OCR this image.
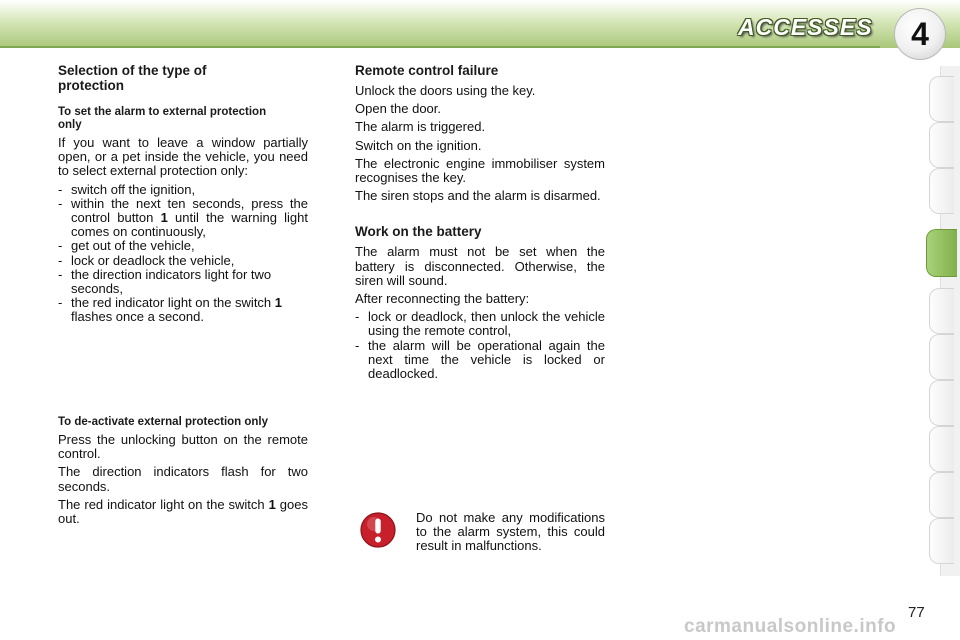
ACCESSES	4
Selection of the type of protection
To set the alarm to external protection only

If you want to leave a window partially open, or a pet inside the vehicle, you need to select external protection only:

- switch off the ignition,
- within the next ten seconds, press the control button 1 until the warning light comes on continuously,
- get out of the vehicle,
- lock or deadlock the vehicle,
- the direction indicators light for two seconds,
- the red indicator light on the switch 1 flashes once a second.
To de-activate external protection only

Press the unlocking button on the remote control.

The direction indicators flash for two seconds.

The red indicator light on the switch 1 goes out.

Remote control failure

Unlock the doors using the key.

Open the door.

The alarm is triggered.

Switch on the ignition.

The electronic engine immobiliser system recognises the key.

The siren stops and the alarm is disarmed.

Work on the battery

The alarm must not be set when the battery is disconnected. Otherwise, the siren will sound.

After reconnecting the battery:

- lock or deadlock, then unlock the vehicle using the remote control,
- the alarm will be operational again the next time the vehicle is locked or deadlocked.
Do not make any modifications to the alarm system, this could result in malfunctions.
77
carmanualsonline.info
